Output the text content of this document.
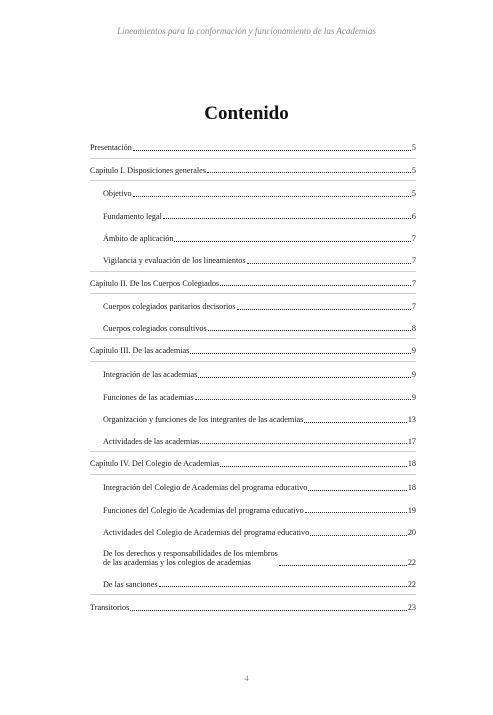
Lineamientos para la conformación y funcionamiento de las Academias
Contenido
Presentación	5
Capítulo I. Disposiciones generales	5
Objetivo	5
Fundamento legal	6
Ámbito de aplicación	7
Vigilancia y evaluación de los lineamientos	7
Capítulo II. De los Cuerpos Colegiados	7
Cuerpos colegiados paritarios decisorios	7
Cuerpos colegiados consultivos	8
Capítulo III. De las academias	9
Integración de las academias	9
Funciones de las academias	9
Organización y funciones de los integrantes de las academias	13
Actividades de las academias	17
Capítulo IV. Del Colegio de Academias	18
Integración del Colegio de Academias del programa educativo	18
Funciones del Colegio de Academias del programa educativo	19
Actividades del Colegio de Academias del programa educativo	20
De los derechos y responsabilidades de los miembros
de las academias y los colegios de academias	22
De las sanciones	22
Transitorios	23
4
